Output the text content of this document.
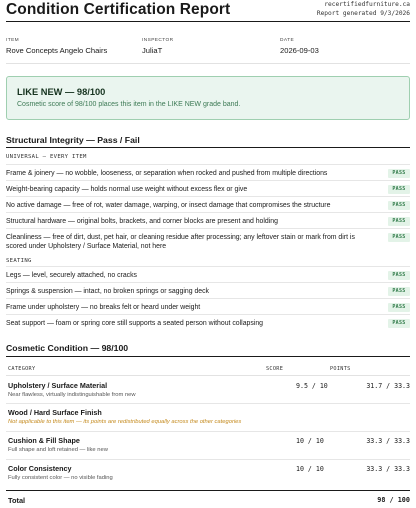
Condition Certification Report	recertifiedfurniture.ca
Report generated 9/3/2026
ITEM
Rove Concepts Angelo Chairs
INSPECTOR
JuliaT
DATE
2026-09-03
LIKE NEW — 98/100
Cosmetic score of 98/100 places this item in the LIKE NEW grade band.
Structural Integrity — Pass / Fail
UNIVERSAL — EVERY ITEM
Frame & joinery — no wobble, looseness, or separation when rocked and pushed from multiple directions	PASS
Weight-bearing capacity — holds normal use weight without excess flex or give	PASS
No active damage — free of rot, water damage, warping, or insect damage that compromises the structure	PASS
Structural hardware — original bolts, brackets, and corner blocks are present and holding	PASS
Cleanliness — free of dirt, dust, pet hair, or cleaning residue after processing; any leftover stain or mark from dirt is scored under Upholstery / Surface Material, not here
PASS
SEATING
Legs — level, securely attached, no cracks	PASS
Springs & suspension — intact, no broken springs or sagging deck	PASS
Frame under upholstery — no breaks felt or heard under weight	PASS
Seat support — foam or spring core still supports a seated person without collapsing	PASS
Cosmetic Condition — 98/100
CATEGORY	SCORE	POINTS
Upholstery / Surface Material
Near flawless, virtually indistinguishable from new
9.5 / 10	31.7 / 33.3
Wood / Hard Surface Finish
Not applicable to this item — its points are redistributed equally across the other categories
Cushion & Fill Shape
Full shape and loft retained — like new
10 / 10	33.3 / 33.3
Color Consistency
Fully consistent color — no visible fading
10 / 10	33.3 / 33.3
Total	98 / 100
